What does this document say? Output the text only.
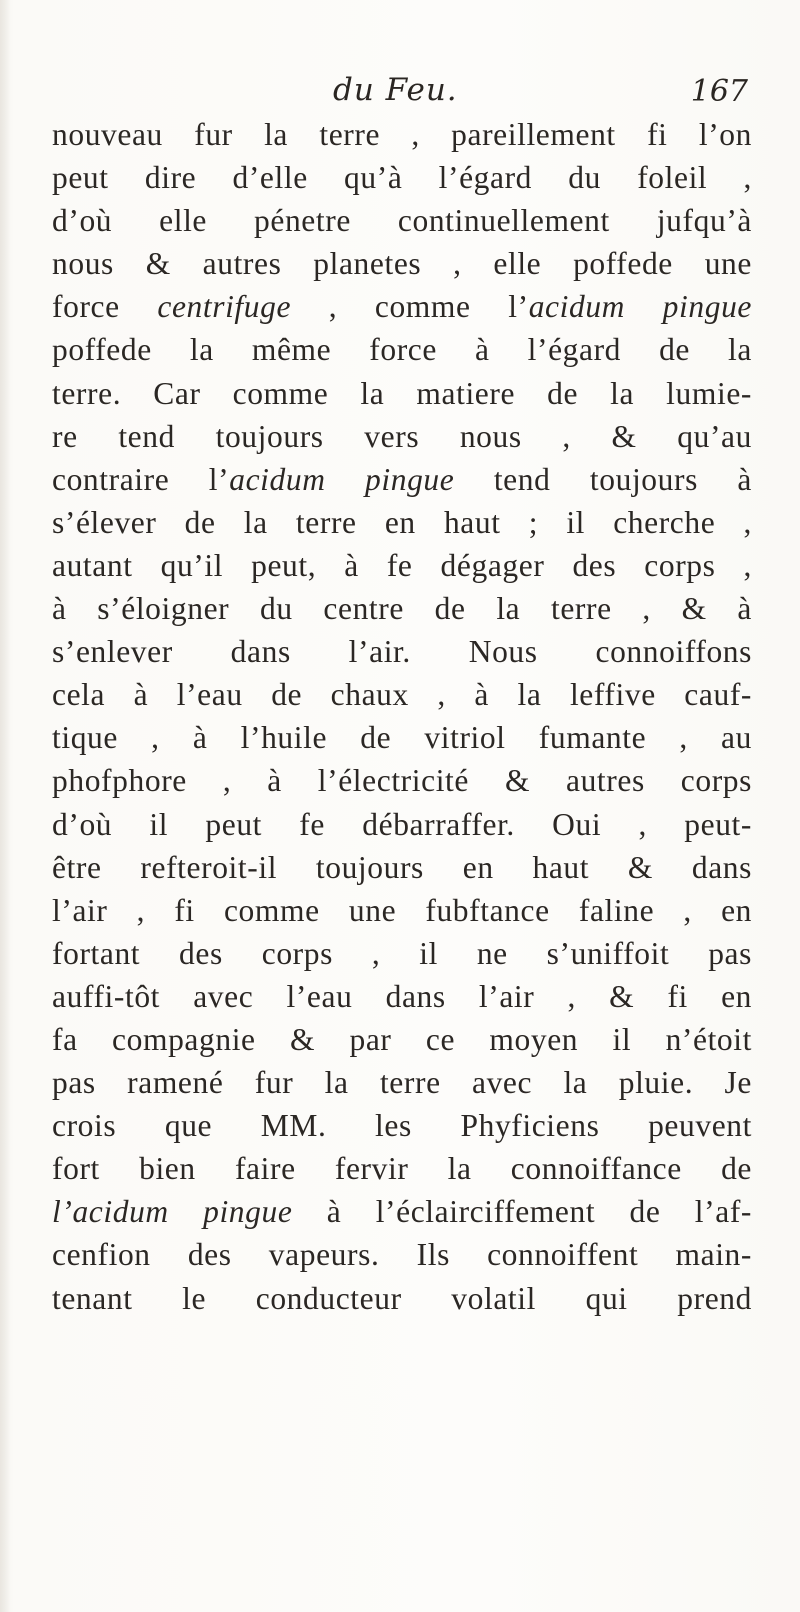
du Feu.	167
nouveau fur la terre , pareillement fi l’on
peut dire d’elle qu’à l’égard du foleil ,
d’où elle pénetre continuellement jufqu’à
nous & autres planetes , elle poffede une
force centrifuge , comme l’acidum pingue
poffede la même force à l’égard de la
terre. Car comme la matiere de la lumie-
re tend toujours vers nous , & qu’au
contraire l’acidum pingue tend toujours à
s’élever de la terre en haut ; il cherche ,
autant qu’il peut, à fe dégager des corps ,
à s’éloigner du centre de la terre , & à
s’enlever dans l’air. Nous connoiffons
cela à l’eau de chaux , à la leffive cauf-
tique , à l’huile de vitriol fumante , au
phofphore , à l’électricité & autres corps
d’où il peut fe débarraffer. Oui , peut-
être refteroit-il toujours en haut & dans
l’air , fi comme une fubftance faline , en
fortant des corps , il ne s’uniffoit pas
auffi-tôt avec l’eau dans l’air , & fi en
fa compagnie & par ce moyen il n’étoit
pas ramené fur la terre avec la pluie. Je
crois que MM. les Phyficiens peuvent
fort bien faire fervir la connoiffance de
l’acidum pingue à l’éclairciffement de l’af-
cenfion des vapeurs. Ils connoiffent main-
tenant le conducteur volatil qui prend
